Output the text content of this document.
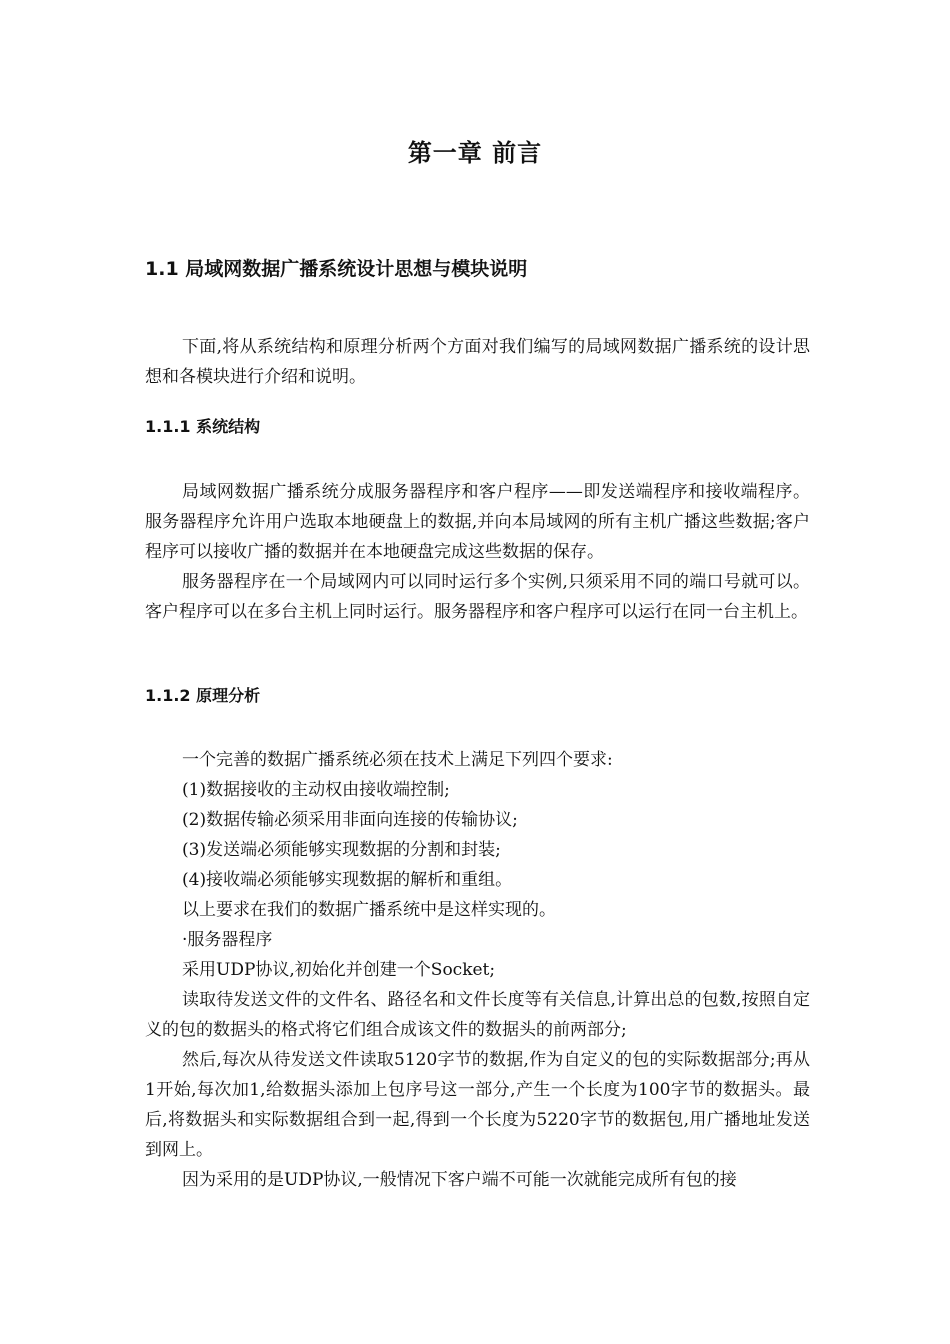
第一章 前言
1.1 局域网数据广播系统设计思想与模块说明

下面,将从系统结构和原理分析两个方面对我们编写的局域网数据广播系统的设计思想和各模块进行介绍和说明。

1.1.1 系统结构

局域网数据广播系统分成服务器程序和客户程序——即发送端程序和接收端程序。服务器程序允许用户选取本地硬盘上的数据,并向本局域网的所有主机广播这些数据;客户程序可以接收广播的数据并在本地硬盘完成这些数据的保存。

服务器程序在一个局域网内可以同时运行多个实例,只须采用不同的端口号就可以。客户程序可以在多台主机上同时运行。服务器程序和客户程序可以运行在同一台主机上。

1.1.2 原理分析

一个完善的数据广播系统必须在技术上满足下列四个要求:

(1)数据接收的主动权由接收端控制;

(2)数据传输必须采用非面向连接的传输协议;

(3)发送端必须能够实现数据的分割和封装;

(4)接收端必须能够实现数据的解析和重组。

以上要求在我们的数据广播系统中是这样实现的。

·服务器程序

采用UDP协议,初始化并创建一个Socket;

读取待发送文件的文件名、路径名和文件长度等有关信息,计算出总的包数,按照自定义的包的数据头的格式将它们组合成该文件的数据头的前两部分;

然后,每次从待发送文件读取5120字节的数据,作为自定义的包的实际数据部分;再从1开始,每次加1,给数据头添加上包序号这一部分,产生一个长度为100字节的数据头。最后,将数据头和实际数据组合到一起,得到一个长度为5220字节的数据包,用广播地址发送到网上。

因为采用的是UDP协议,一般情况下客户端不可能一次就能完成所有包的接
